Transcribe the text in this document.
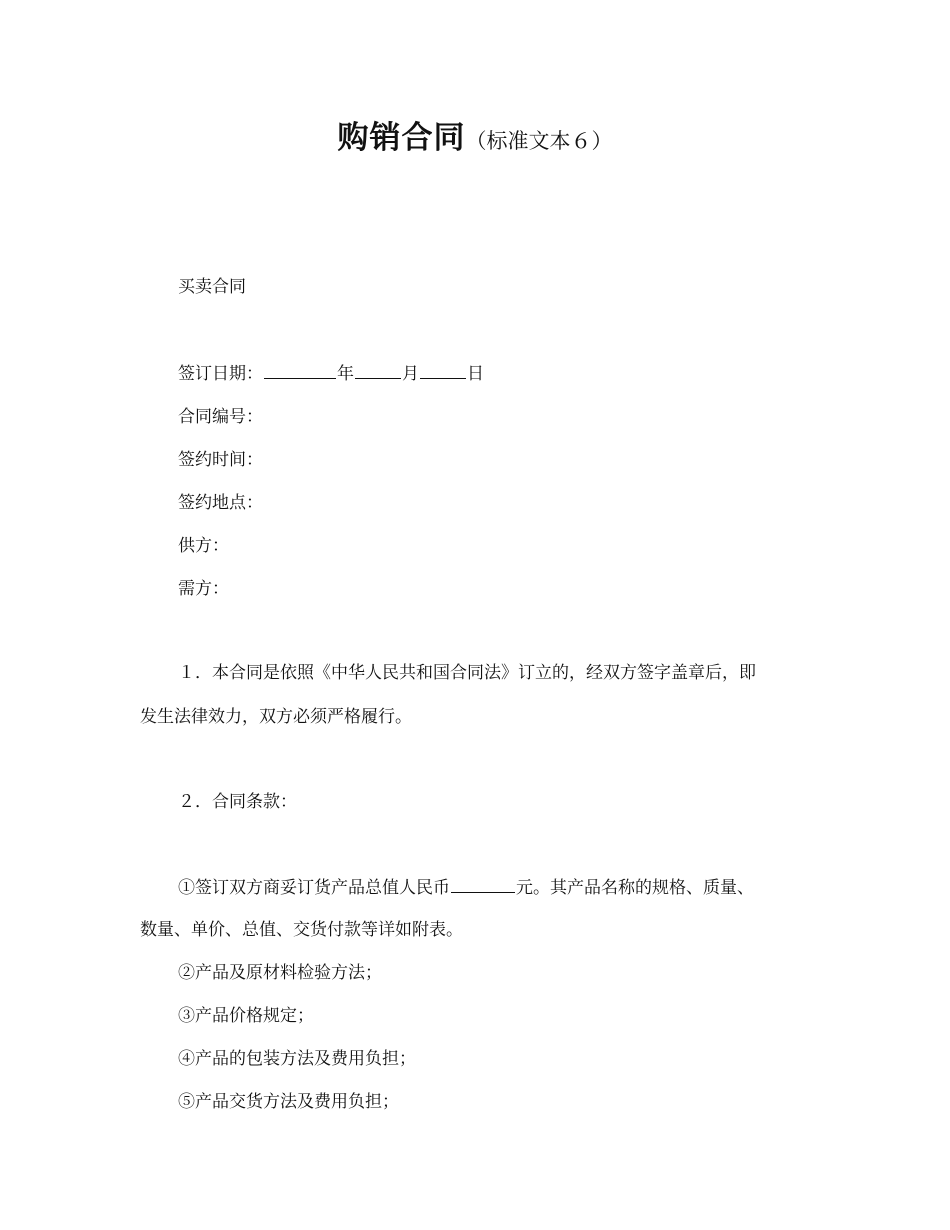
购销合同（标准文本６）
买卖合同
签订日期：	年	月	日
合同编号：
签约时间：
签约地点：
供方：
需方：
１．本合同是依照《中华人民共和国合同法》订立的，经双方签字盖章后，即
发生法律效力，双方必须严格履行。
２．合同条款：
①签订双方商妥订货产品总值人民币	元。其产品名称的规格、质量、
数量、单价、总值、交货付款等详如附表。
②产品及原材料检验方法；
③产品价格规定；
④产品的包装方法及费用负担；
⑤产品交货方法及费用负担；
